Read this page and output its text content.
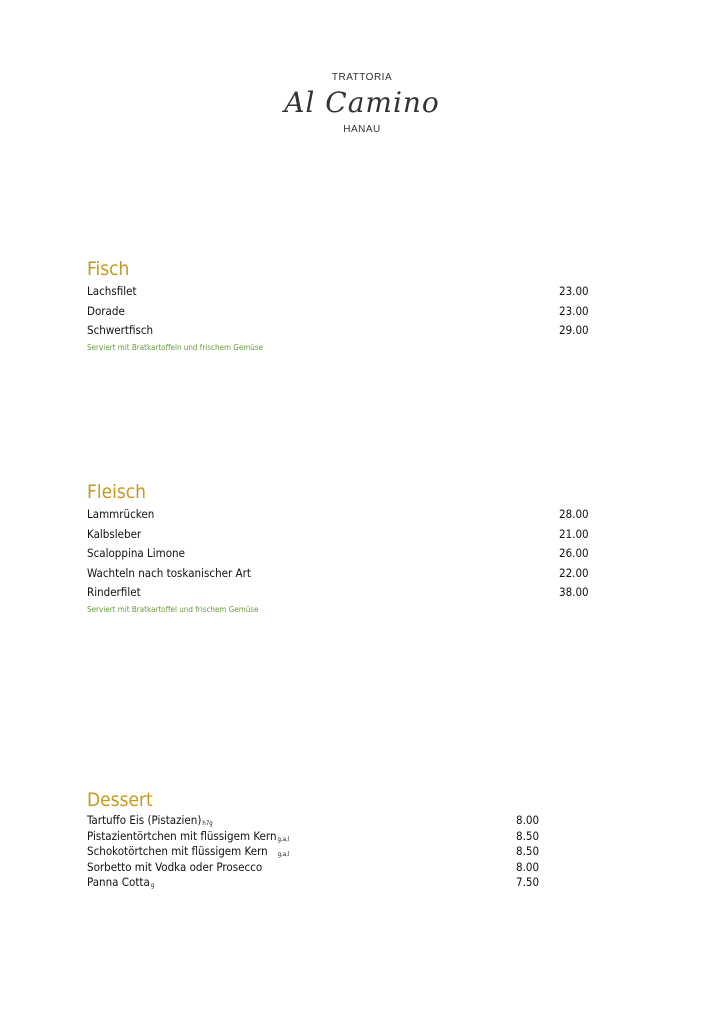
TRATTORIA
Al Camino
HANAU
Fisch
Lachsfilet	23.00
Dorade	23.00
Schwertfisch	29.00
Serviert mit Bratkartoffeln und frischem Gemüse
Fleisch
Lammrücken	28.00
Kalbsleber	21.00
Scaloppina Limone	26.00
Wachteln nach toskanischer Art	22.00
Rinderfilet	38.00
Serviert mit Bratkartoffel und frischem Gemüse
Dessert
Tartuffo Eis (Pistazien)h7g	8.00
Pistazientörtchen mit flüssigem Kerng,a,l	8.50
Schokotörtchen mit flüssigem Kern g,a,l	8.50
Sorbetto mit Vodka oder Prosecco	8.00
Panna Cottag	7.50
